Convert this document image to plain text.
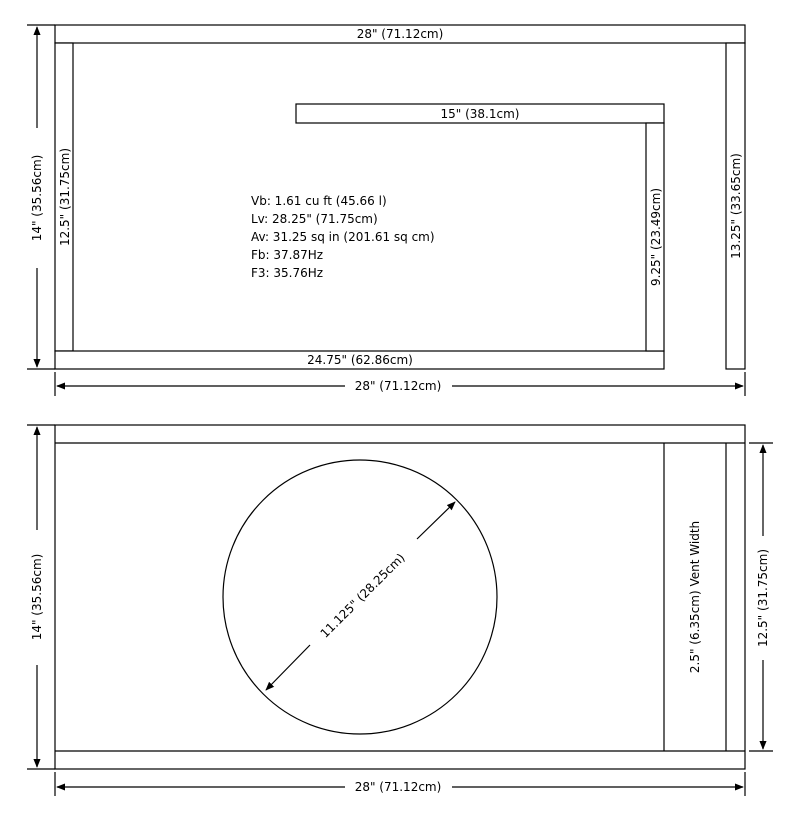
28" (71.12cm)
12.5" (31.75cm)
15" (38.1cm)
9.25" (23.49cm)
24.75" (62.86cm)
13.25" (33.65cm)
Vb: 1.61 cu ft (45.66 l)
Lv: 28.25" (71.75cm)
Av: 31.25 sq in (201.61 sq cm)
Fb: 37.87Hz
F3: 35.76Hz
14" (35.56cm)
28" (71.12cm)
11.125" (28.25cm)	2.5" (6.35cm) Vent Width
14" (35.56cm)	12.5" (31.75cm)
28" (71.12cm)
